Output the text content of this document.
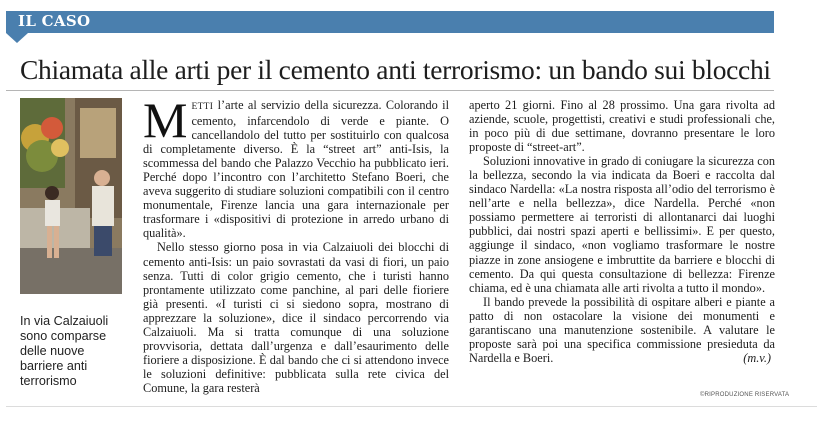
IL CASO
Chiamata alle arti per il cemento anti terrorismo: un bando sui blocchi
In via Calzaiuoli sono comparse delle nuove barriere anti terrorismo

METTI l’arte al servizio della sicurezza. Colorando il cemento, infarcendolo di verde e piante. O cancellandolo del tutto per sostituirlo con qualcosa di completamente diverso. È la “street art” anti-Isis, la scommessa del bando che Palazzo Vecchio ha pubblicato ieri. Perché dopo l’incontro con l’architetto Stefano Boeri, che aveva suggerito di studiare soluzioni compatibili con il centro monumentale, Firenze lancia una gara internazionale per trasformare i «dispositivi di protezione in arredo urbano di qualità».

Nello stesso giorno posa in via Calzaiuoli dei blocchi di cemento anti-Isis: un paio sovrastati da vasi di fiori, un paio senza. Tutti di color grigio cemento, che i turisti hanno prontamente utilizzato come panchine, al pari delle fioriere già presenti. «I turisti ci si siedono sopra, mostrano di apprezzare la soluzione», dice il sindaco percorrendo via Calzaiuoli. Ma si tratta comunque di una soluzione provvisoria, dettata dall’urgenza e dall’esaurimento delle fioriere a disposizione. È dal bando che ci si attendono invece le soluzioni definitive: pubblicata sulla rete civica del Comune, la gara resterà

aperto 21 giorni. Fino al 28 prossimo. Una gara rivolta ad aziende, scuole, progettisti, creativi e studi professionali che, in poco più di due settimane, dovranno presentare le loro proposte di “street-art”.

Soluzioni innovative in grado di coniugare la sicurezza con la bellezza, secondo la via indicata da Boeri e raccolta dal sindaco Nardella: «La nostra risposta all’odio del terrorismo è nell’arte e nella bellezza», dice Nardella. Perché «non possiamo permettere ai terroristi di allontanarci dai luoghi pubblici, dai nostri spazi aperti e bellissimi». E per questo, aggiunge il sindaco, «non vogliamo trasformare le nostre piazze in zone ansiogene e imbruttite da barriere e blocchi di cemento. Da qui questa consultazione di bellezza: Firenze chiama, ed è una chiamata alle arti rivolta a tutto il mondo».

Il bando prevede la possibilità di ospitare alberi e piante a patto di non ostacolare la visione dei monumenti e garantiscano una manutenzione sostenibile. A valutare le proposte sarà poi una specifica commissione presieduta da Nardella e Boeri.	(m.v.)

©RIPRODUZIONE RISERVATA
